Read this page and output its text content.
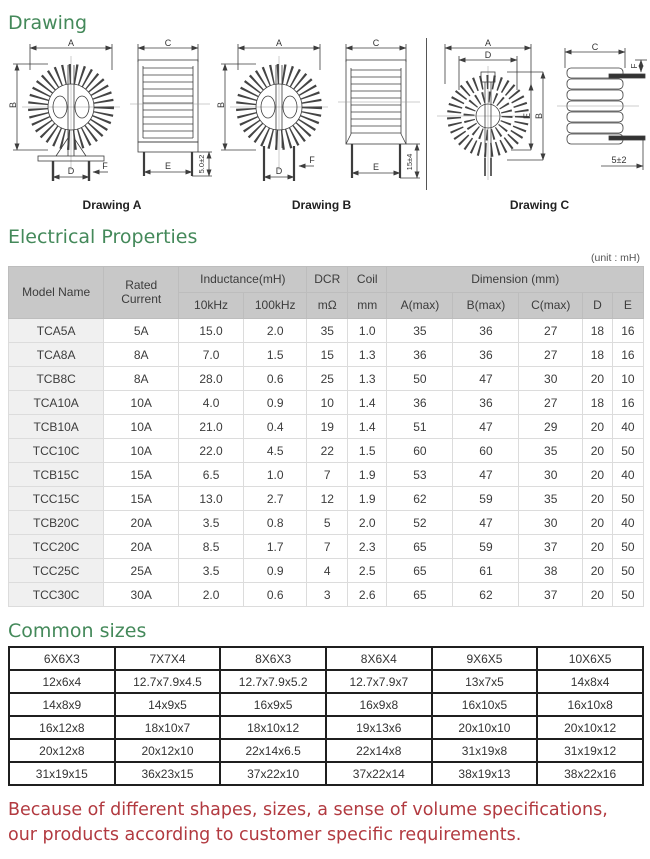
Drawing
A
B
D	F
C
E	5.0±2
Drawing A
A
B
D
F
C
E	15±4
Drawing B
A
D
B
E
F
C
5±2
Drawing C
Electrical Properties
(unit : mH)
Model Name	Rated Current	Inductance(mH)		DCR	Coil	Dimension (mm)				
		10kHz	100kHz	mΩ	mm	A(max)	B(max)	C(max)	D	E
TCA5A	5A	15.0	2.0	35	1.0	35	36	27	18	16
TCA8A	8A	7.0	1.5	15	1.3	36	36	27	18	16
TCB8C	8A	28.0	0.6	25	1.3	50	47	30	20	10
TCA10A	10A	4.0	0.9	10	1.4	36	36	27	18	16
TCB10A	10A	21.0	0.4	19	1.4	51	47	29	20	40
TCC10C	10A	22.0	4.5	22	1.5	60	60	35	20	50
TCB15C	15A	6.5	1.0	7	1.9	53	47	30	20	40
TCC15C	15A	13.0	2.7	12	1.9	62	59	35	20	50
TCB20C	20A	3.5	0.8	5	2.0	52	47	30	20	40
TCC20C	20A	8.5	1.7	7	2.3	65	59	37	20	50
TCC25C	25A	3.5	0.9	4	2.5	65	61	38	20	50
TCC30C	30A	2.0	0.6	3	2.6	65	62	37	20	50
Common sizes
6X6X3	7X7X4	8X6X3	8X6X4	9X6X5	10X6X5
12x6x4	12.7x7.9x4.5	12.7x7.9x5.2	12.7x7.9x7	13x7x5	14x8x4
14x8x9	14x9x5	16x9x5	16x9x8	16x10x5	16x10x8
16x12x8	18x10x7	18x10x12	19x13x6	20x10x10	20x10x12
20x12x8	20x12x10	22x14x6.5	22x14x8	31x19x8	31x19x12
31x19x15	36x23x15	37x22x10	37x22x14	38x19x13	38x22x16

Because of different shapes, sizes, a sense of volume specifications,
our products according to customer specific requirements.
